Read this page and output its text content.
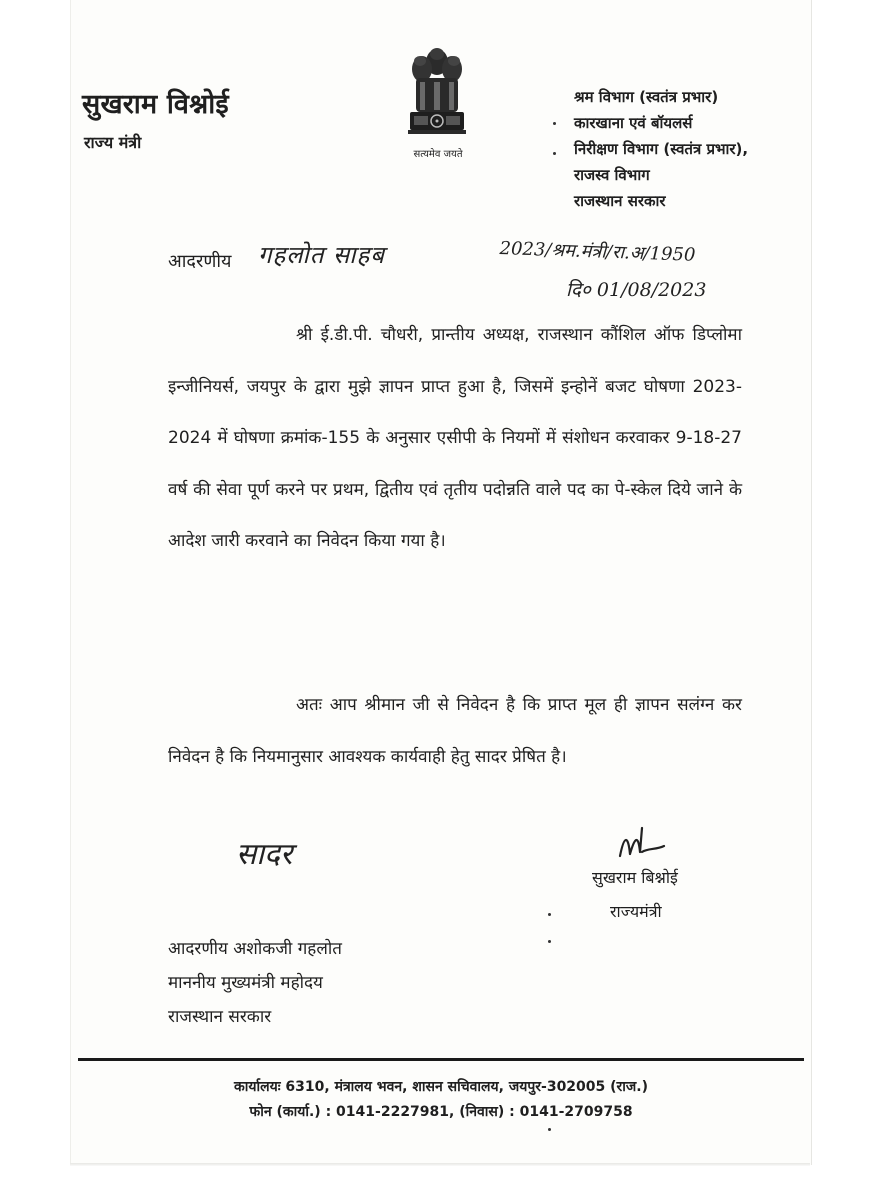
सुखराम विश्नोई
राज्य मंत्री
सत्यमेव जयते
श्रम विभाग (स्वतंत्र प्रभार)
कारखाना एवं बॉयलर्स
निरीक्षण विभाग (स्वतंत्र प्रभार),
राजस्व विभाग
राजस्थान सरकार
आदरणीय गहलोत साहब	2023/श्रम.मंत्री/रा.अ/1950
दि० 01/08/2023
श्री ई.डी.पी. चौधरी, प्रान्तीय अध्यक्ष, राजस्थान कौंशिल ऑफ डिप्लोमा इन्जीनियर्स, जयपुर के द्वारा मुझे ज्ञापन प्राप्त हुआ है, जिसमें इन्होनें बजट घोषणा 2023-2024 में घोषणा क्रमांक-155 के अनुसार एसीपी के नियमों में संशोधन करवाकर 9-18-27 वर्ष की सेवा पूर्ण करने पर प्रथम, द्वितीय एवं तृतीय पदोन्नति वाले पद का पे-स्केल दिये जाने के आदेश जारी करवाने का निवेदन किया गया है।
अतः आप श्रीमान जी से निवेदन है कि प्राप्त मूल ही ज्ञापन सलंग्न कर निवेदन है कि नियमानुसार आवश्यक कार्यवाही हेतु सादर प्रेषित है।
सादर
सुखराम बिश्नोई
राज्यमंत्री
आदरणीय अशोकजी गहलोत
माननीय मुख्यमंत्री महोदय
राजस्थान सरकार
कार्यालयः 6310, मंत्रालय भवन, शासन सचिवालय, जयपुर-302005 (राज.)
फोन (कार्या.) : 0141-2227981, (निवास) : 0141-2709758
